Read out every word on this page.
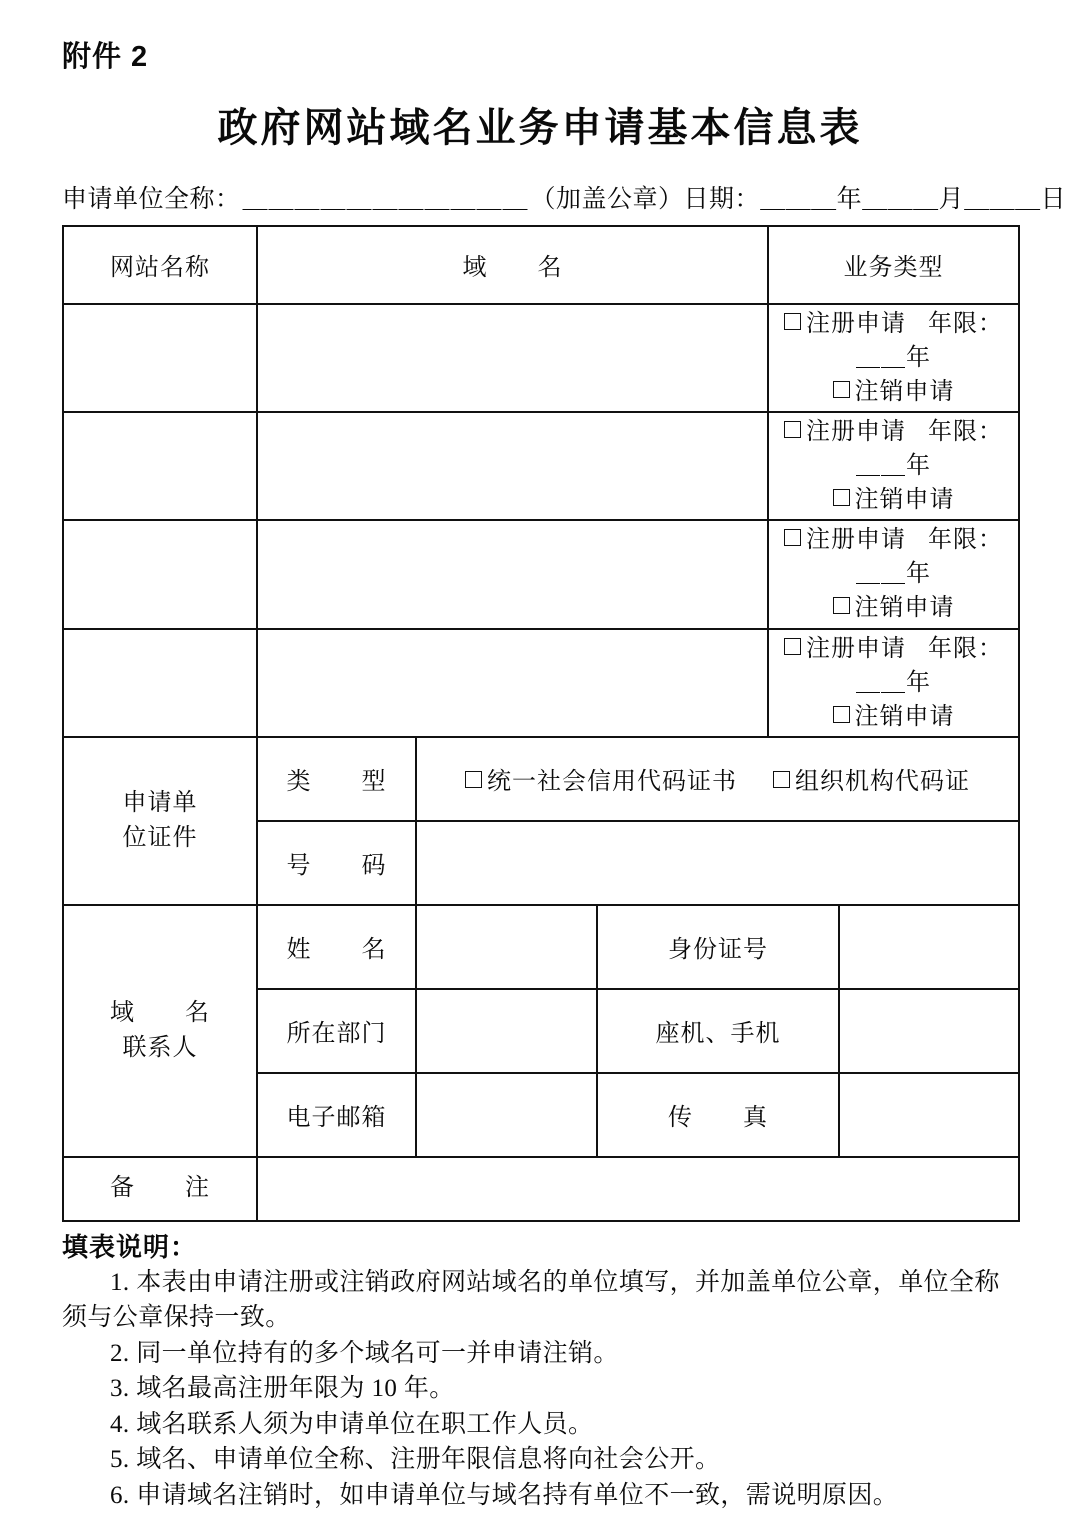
附件 2
政府网站域名业务申请基本信息表
申请单位全称： ＿＿＿＿＿＿＿＿＿＿＿ （加盖公章） 日期： ＿＿＿年＿＿＿月＿＿＿日
网站名称	域　　名			业务类型	
				注册申请 年限：＿＿年
注销申请	

				注册申请 年限：＿＿年
注销申请	

				注册申请 年限：＿＿年
注销申请	

				注册申请 年限：＿＿年
注销申请	

申请单
位证件	类　　型	统一社会信用代码证书 组织机构代码证			
	号　　码				

域　　名
联系人	姓　　名		身份证号		
	所在部门		座机、手机		
	电子邮箱		传　　真		
备　　注					
填表说明：
1. 本表由申请注册或注销政府网站域名的单位填写，并加盖单位公章，单位全称须与公章保持一致。
2. 同一单位持有的多个域名可一并申请注销。
3. 域名最高注册年限为 10 年。
4. 域名联系人须为申请单位在职工作人员。
5. 域名、申请单位全称、注册年限信息将向社会公开。
6. 申请域名注销时，如申请单位与域名持有单位不一致，需说明原因。
